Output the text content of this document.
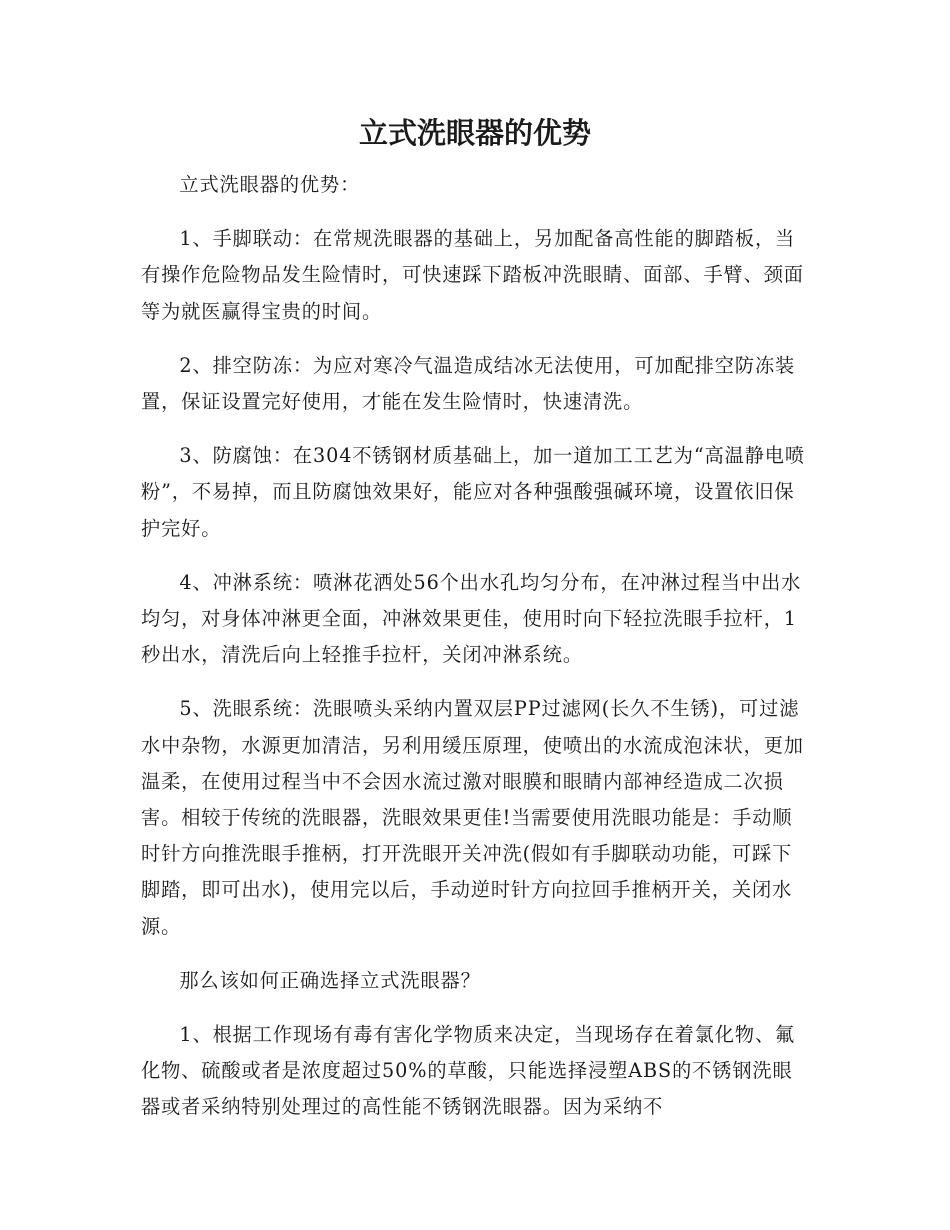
立式洗眼器的优势

立式洗眼器的优势：

1、手脚联动：在常规洗眼器的基础上，另加配备高性能的脚踏板，当有操作危险物品发生险情时，可快速踩下踏板冲洗眼睛、面部、手臂、颈面等为就医赢得宝贵的时间。

2、排空防冻：为应对寒冷气温造成结冰无法使用，可加配排空防冻装置，保证设置完好使用，才能在发生险情时，快速清洗。

3、防腐蚀：在304不锈钢材质基础上，加一道加工工艺为“高温静电喷粉”，不易掉，而且防腐蚀效果好，能应对各种强酸强碱环境，设置依旧保护完好。

4、冲淋系统：喷淋花洒处56个出水孔均匀分布，在冲淋过程当中出水均匀，对身体冲淋更全面，冲淋效果更佳，使用时向下轻拉洗眼手拉杆，1秒出水，清洗后向上轻推手拉杆，关闭冲淋系统。

5、洗眼系统：洗眼喷头采纳内置双层PP过滤网(长久不生锈)，可过滤水中杂物，水源更加清洁，另利用缓压原理，使喷出的水流成泡沫状，更加温柔，在使用过程当中不会因水流过激对眼膜和眼睛内部神经造成二次损害。相较于传统的洗眼器，洗眼效果更佳!当需要使用洗眼功能是：手动顺时针方向推洗眼手推柄，打开洗眼开关冲洗(假如有手脚联动功能，可踩下脚踏，即可出水)，使用完以后，手动逆时针方向拉回手推柄开关，关闭水源。

那么该如何正确选择立式洗眼器？

1、根据工作现场有毒有害化学物质来决定，当现场存在着氯化物、氟化物、硫酸或者是浓度超过50%的草酸，只能选择浸塑ABS的不锈钢洗眼器或者采纳特别处理过的高性能不锈钢洗眼器。因为采纳不
